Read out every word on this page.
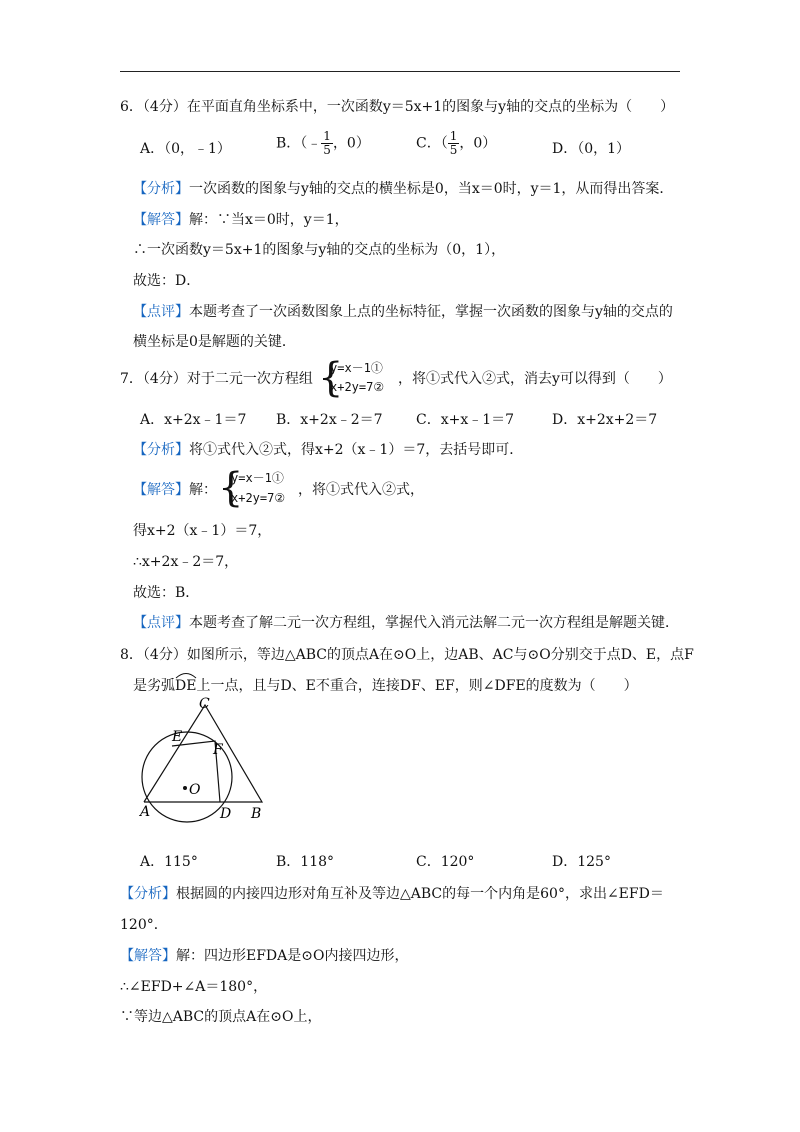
6．（4分）在平面直角坐标系中，一次函数y＝5x+1的图象与y轴的交点的坐标为（　　）
A．（0，﹣1）	B．（﹣ $\frac{1}{5}$ ，0）	C．（ $\frac{1}{5}$ ，0）	D．（0，1）
【分析】一次函数的图象与y轴的交点的横坐标是0，当x＝0时，y＝1，从而得出答案．
【解答】解：∵当x＝0时，y＝1，
∴一次函数y＝5x+1的图象与y轴的交点的坐标为（0，1），
故选：D．
【点评】本题考查了一次函数图象上点的坐标特征，掌握一次函数的图象与y轴的交点的
横坐标是0是解题的关键．
7．（4分）对于二元一次方程组 {
y=x－1①
x+2y=7② ，将①式代入②式，消去y可以得到（　　）
A．x+2x﹣1＝7 B．x+2x﹣2＝7 C．x+x﹣1＝7	D．x+2x+2＝7
【分析】将①式代入②式，得x+2（x﹣1）＝7，去括号即可．
【解答】解： {
y=x－1①
x+2y=7② ，将①式代入②式，
得x+2（x﹣1）＝7，
∴x+2x﹣2＝7，
故选：B．
【点评】本题考查了解二元一次方程组，掌握代入消元法解二元一次方程组是解题关键．
8．（4分）如图所示，等边△ABC的顶点A在⊙O上，边AB、AC与⊙O分别交于点D、E，点F
是劣弧
DE上一点，且与D、E不重合，连接DF、EF，则∠DFE的度数为（　　）
C
E
F
O
A	D B
A．115°	B．118°	C．120°	D．125°
【分析】根据圆的内接四边形对角互补及等边△ABC的每一个内角是60°，求出∠EFD＝
120°．
【解答】解：四边形EFDA是⊙O内接四边形，
∴∠EFD+∠A＝180°，
∵等边△ABC的顶点A在⊙O上，
